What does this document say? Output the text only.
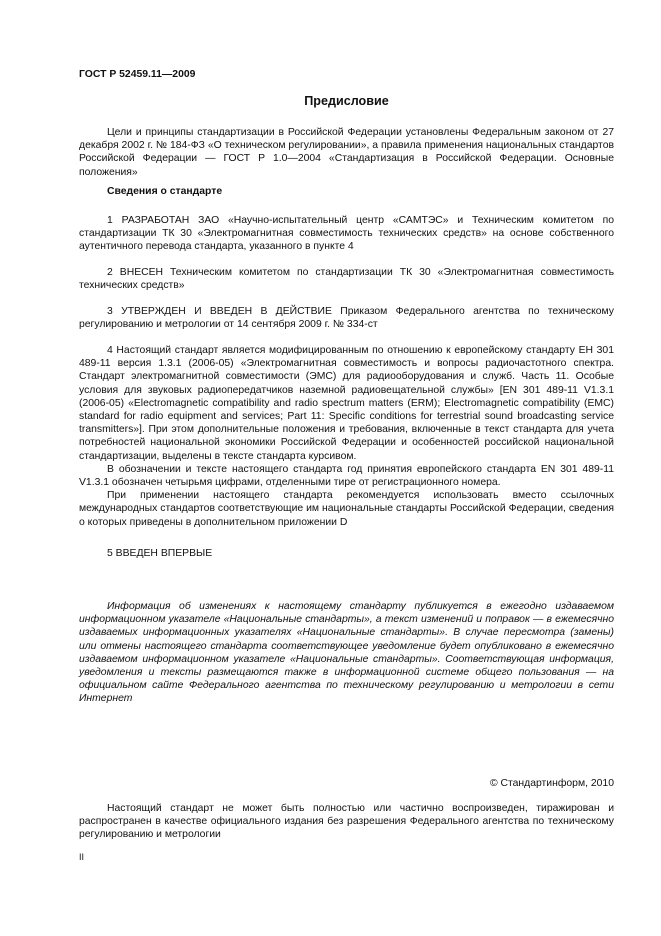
ГОСТ Р 52459.11—2009
Предисловие

Цели и принципы стандартизации в Российской Федерации установлены Федеральным законом от 27 декабря 2002 г. № 184-ФЗ «О техническом регулировании», а правила применения национальных стандартов Российской Федерации — ГОСТ Р 1.0—2004 «Стандартизация в Российской Федерации. Основные положения»

Сведения о стандарте

1 РАЗРАБОТАН ЗАО «Научно-испытательный центр «САМТЭС» и Техническим комитетом по стандартизации ТК 30 «Электромагнитная совместимость технических средств» на основе собственного аутентичного перевода стандарта, указанного в пункте 4

2 ВНЕСЕН Техническим комитетом по стандартизации ТК 30 «Электромагнитная совместимость технических средств»

3 УТВЕРЖДЕН И ВВЕДЕН В ДЕЙСТВИЕ Приказом Федерального агентства по техническому регулированию и метрологии от 14 сентября 2009 г. № 334-ст

4 Настоящий стандарт является модифицированным по отношению к европейскому стандарту ЕН 301 489-11 версия 1.3.1 (2006-05) «Электромагнитная совместимость и вопросы радиочастотного спектра. Стандарт электромагнитной совместимости (ЭМС) для радиооборудования и служб. Часть 11. Особые условия для звуковых радиопередатчиков наземной радиовещательной службы» [EN 301 489-11 V1.3.1 (2006-05) «Electromagnetic compatibility and radio spectrum matters (ERM); Electromagnetic compatibility (EMC) standard for radio equipment and services; Part 11: Specific conditions for terrestrial sound broadcasting service transmitters»]. При этом дополнительные положения и требования, включенные в текст стандарта для учета потребностей национальной экономики Российской Федерации и особенностей российской национальной стандартизации, выделены в тексте стандарта курсивом.

В обозначении и тексте настоящего стандарта год принятия европейского стандарта EN 301 489-11 V1.3.1 обозначен четырьмя цифрами, отделенными тире от регистрационного номера.

При применении настоящего стандарта рекомендуется использовать вместо ссылочных международных стандартов соответствующие им национальные стандарты Российской Федерации, сведения о которых приведены в дополнительном приложении D

5 ВВЕДЕН ВПЕРВЫЕ

Информация об изменениях к настоящему стандарту публикуется в ежегодно издаваемом информационном указателе «Национальные стандарты», а текст изменений и поправок — в ежемесячно издаваемых информационных указателях «Национальные стандарты». В случае пересмотра (замены) или отмены настоящего стандарта соответствующее уведомление будет опубликовано в ежемесячно издаваемом информационном указателе «Национальные стандарты». Соответствующая информация, уведомления и тексты размещаются также в информационной системе общего пользования — на официальном сайте Федерального агентства по техническому регулированию и метрологии в сети Интернет

© Стандартинформ, 2010

Настоящий стандарт не может быть полностью или частично воспроизведен, тиражирован и распространен в качестве официального издания без разрешения Федерального агентства по техническому регулированию и метрологии

II
